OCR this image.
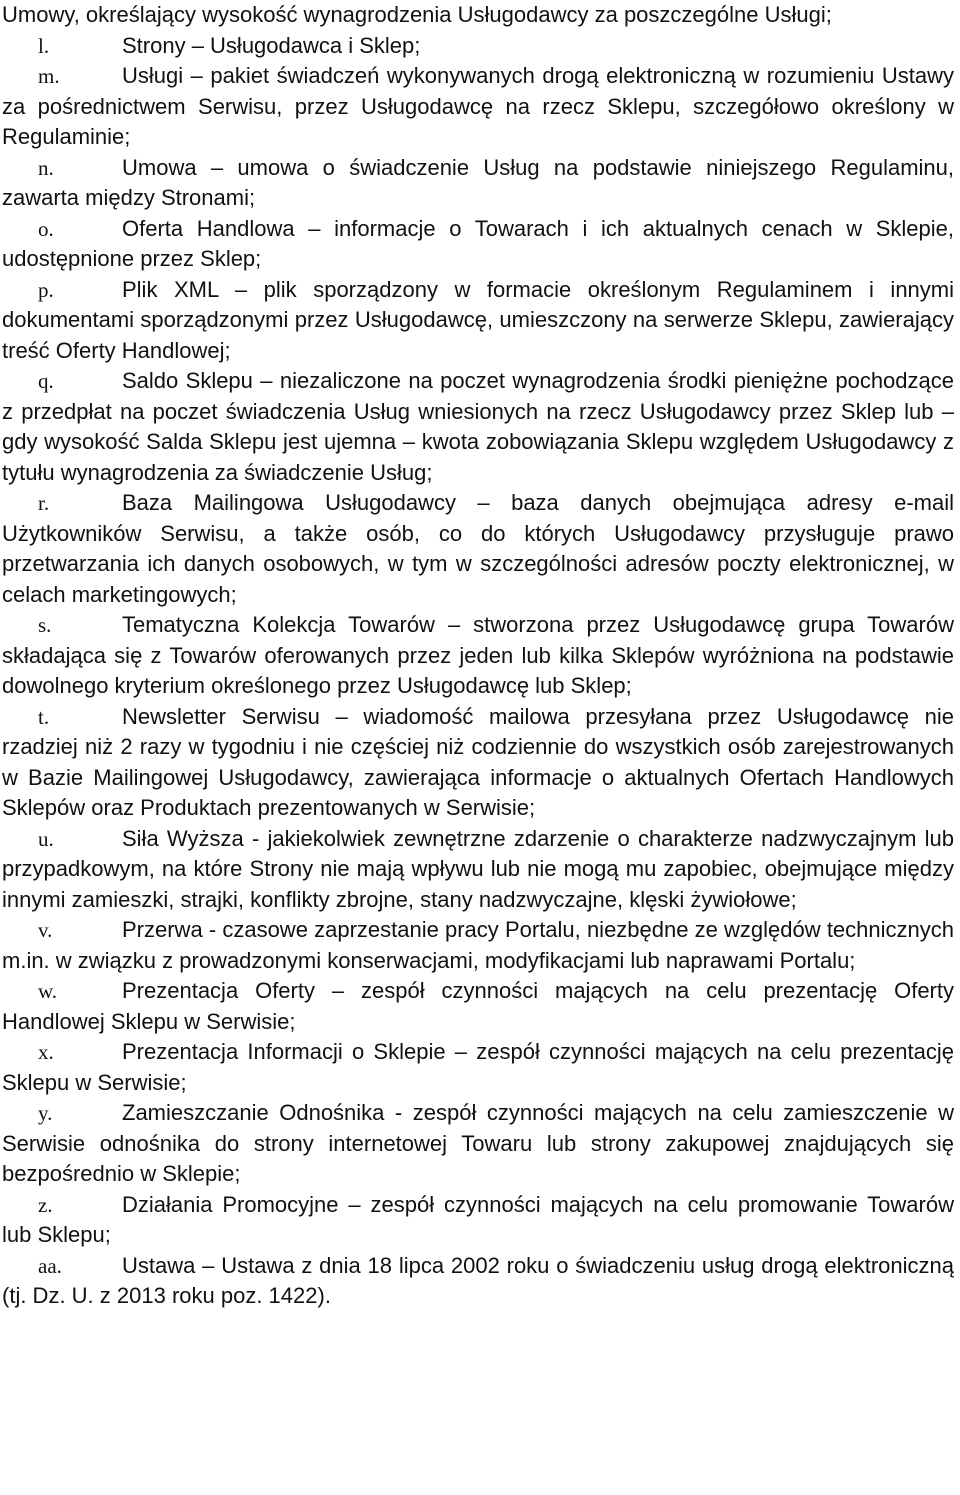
Umowy, określający wysokość wynagrodzenia Usługodawcy za poszczególne Usługi;

l.	Strony – Usługodawca i Sklep;

m.	Usługi – pakiet świadczeń wykonywanych drogą elektroniczną w rozumieniu Ustawy za pośrednictwem Serwisu, przez Usługodawcę na rzecz Sklepu, szczegółowo określony w Regulaminie;

n.	Umowa – umowa o świadczenie Usług na podstawie niniejszego Regulaminu, zawarta między Stronami;

o.	Oferta Handlowa – informacje o Towarach i ich aktualnych cenach w Sklepie, udostępnione przez Sklep;

p.	Plik XML – plik sporządzony w formacie określonym Regulaminem i innymi dokumentami sporządzonymi przez Usługodawcę, umieszczony na serwerze Sklepu, zawierający treść Oferty Handlowej;

q.	Saldo Sklepu – niezaliczone na poczet wynagrodzenia środki pieniężne pochodzące z przedpłat na poczet świadczenia Usług wniesionych na rzecz Usługodawcy przez Sklep lub – gdy wysokość Salda Sklepu jest ujemna – kwota zobowiązania Sklepu względem Usługodawcy z tytułu wynagrodzenia za świadczenie Usług;

r.	Baza Mailingowa Usługodawcy – baza danych obejmująca adresy e-mail Użytkowników Serwisu, a także osób, co do których Usługodawcy przysługuje prawo przetwarzania ich danych osobowych, w tym w szczególności adresów poczty elektronicznej, w celach marketingowych;

s.	Tematyczna Kolekcja Towarów – stworzona przez Usługodawcę grupa Towarów składająca się z Towarów oferowanych przez jeden lub kilka Sklepów wyróżniona na podstawie dowolnego kryterium określonego przez Usługodawcę lub Sklep;

t.	Newsletter Serwisu – wiadomość mailowa przesyłana przez Usługodawcę nie rzadziej niż 2 razy w tygodniu i nie częściej niż codziennie do wszystkich osób zarejestrowanych w Bazie Mailingowej Usługodawcy, zawierająca informacje o aktualnych Ofertach Handlowych Sklepów oraz Produktach prezentowanych w Serwisie;

u.	Siła Wyższa - jakiekolwiek zewnętrzne zdarzenie o charakterze nadzwyczajnym lub przypadkowym, na które Strony nie mają wpływu lub nie mogą mu zapobiec, obejmujące między innymi zamieszki, strajki, konflikty zbrojne, stany nadzwyczajne, klęski żywiołowe;

v.	Przerwa - czasowe zaprzestanie pracy Portalu, niezbędne ze względów technicznych m.in. w związku z prowadzonymi konserwacjami, modyfikacjami lub naprawami Portalu;

w.	Prezentacja Oferty – zespół czynności mających na celu prezentację Oferty Handlowej Sklepu w Serwisie;

x.	Prezentacja Informacji o Sklepie – zespół czynności mających na celu prezentację Sklepu w Serwisie;

y.	Zamieszczanie Odnośnika - zespół czynności mających na celu zamieszczenie w Serwisie odnośnika do strony internetowej Towaru lub strony zakupowej znajdujących się bezpośrednio w Sklepie;

z.	Działania Promocyjne – zespół czynności mających na celu promowanie Towarów lub Sklepu;

aa.	Ustawa – Ustawa z dnia 18 lipca 2002 roku o świadczeniu usług drogą elektroniczną (tj. Dz. U. z 2013 roku poz. 1422).
